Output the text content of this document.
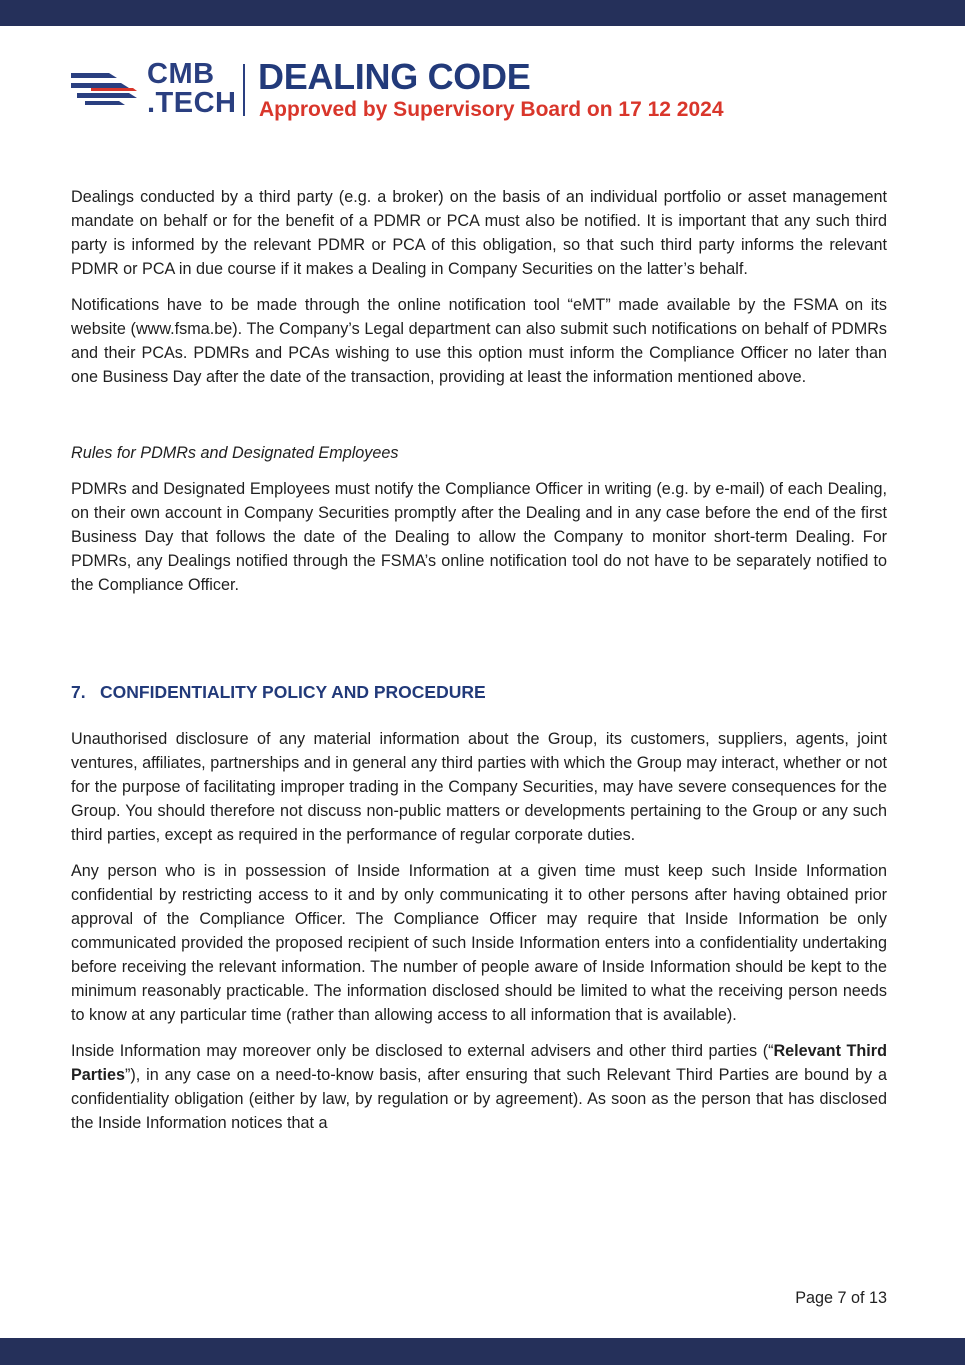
CMB
.TECH
DEALING CODE
Approved by Supervisory Board on 17 12 2024

Dealings conducted by a third party (e.g. a broker) on the basis of an individual portfolio or asset management mandate on behalf or for the benefit of a PDMR or PCA must also be notified. It is important that any such third party is informed by the relevant PDMR or PCA of this obligation, so that such third party informs the relevant PDMR or PCA in due course if it makes a Dealing in Company Securities on the latter’s behalf.

Notifications have to be made through the online notification tool “eMT” made available by the FSMA on its website (www.fsma.be). The Company’s Legal department can also submit such notifications on behalf of PDMRs and their PCAs. PDMRs and PCAs wishing to use this option must inform the Compliance Officer no later than one Business Day after the date of the transaction, providing at least the information mentioned above.

Rules for PDMRs and Designated Employees

PDMRs and Designated Employees must notify the Compliance Officer in writing (e.g. by e-mail) of each Dealing, on their own account in Company Securities promptly after the Dealing and in any case before the end of the first Business Day that follows the date of the Dealing to allow the Company to monitor short-term Dealing. For PDMRs, any Dealings notified through the FSMA’s online notification tool do not have to be separately notified to the Compliance Officer.

7. CONFIDENTIALITY POLICY AND PROCEDURE

Unauthorised disclosure of any material information about the Group, its customers, suppliers, agents, joint ventures, affiliates, partnerships and in general any third parties with which the Group may interact, whether or not for the purpose of facilitating improper trading in the Company Securities, may have severe consequences for the Group. You should therefore not discuss non-public matters or developments pertaining to the Group or any such third parties, except as required in the performance of regular corporate duties.

Any person who is in possession of Inside Information at a given time must keep such Inside Information confidential by restricting access to it and by only communicating it to other persons after having obtained prior approval of the Compliance Officer. The Compliance Officer may require that Inside Information be only communicated provided the proposed recipient of such Inside Information enters into a confidentiality undertaking before receiving the relevant information. The number of people aware of Inside Information should be kept to the minimum reasonably practicable. The information disclosed should be limited to what the receiving person needs to know at any particular time (rather than allowing access to all information that is available).

Inside Information may moreover only be disclosed to external advisers and other third parties (“Relevant Third Parties”), in any case on a need-to-know basis, after ensuring that such Relevant Third Parties are bound by a confidentiality obligation (either by law, by regulation or by agreement). As soon as the person that has disclosed the Inside Information notices that a

Page 7 of 13
